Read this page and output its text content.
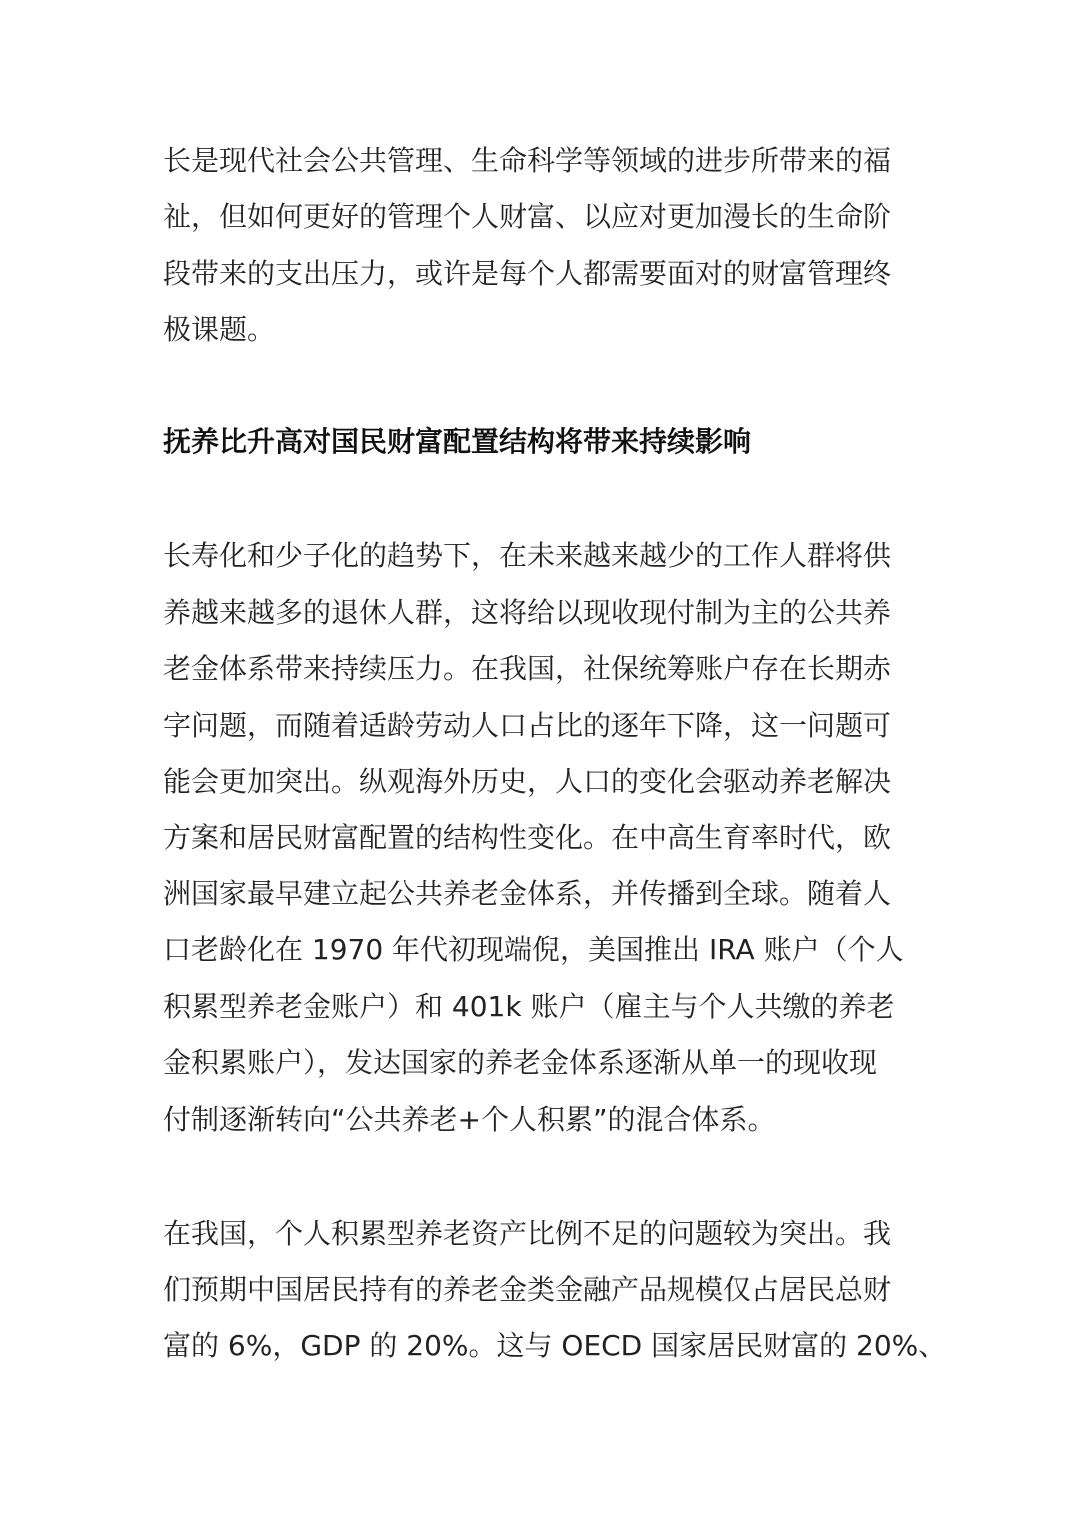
长是现代社会公共管理、生命科学等领域的进步所带来的福
祉，但如何更好的管理个人财富、以应对更加漫长的生命阶
段带来的支出压力，或许是每个人都需要面对的财富管理终
极课题。
抚养比升高对国民财富配置结构将带来持续影响
长寿化和少子化的趋势下，在未来越来越少的工作人群将供
养越来越多的退休人群，这将给以现收现付制为主的公共养
老金体系带来持续压力。在我国，社保统筹账户存在长期赤
字问题，而随着适龄劳动人口占比的逐年下降，这一问题可
能会更加突出。纵观海外历史，人口的变化会驱动养老解决
方案和居民财富配置的结构性变化。在中高生育率时代，欧
洲国家最早建立起公共养老金体系，并传播到全球。随着人
口老龄化在 1970 年代初现端倪，美国推出 IRA 账户（个人
积累型养老金账户）和 401k 账户（雇主与个人共缴的养老
金积累账户），发达国家的养老金体系逐渐从单一的现收现
付制逐渐转向“公共养老+个人积累”的混合体系。
在我国，个人积累型养老资产比例不足的问题较为突出。我
们预期中国居民持有的养老金类金融产品规模仅占居民总财
富的 6%，GDP 的 20%。这与 OECD 国家居民财富的 20%、
